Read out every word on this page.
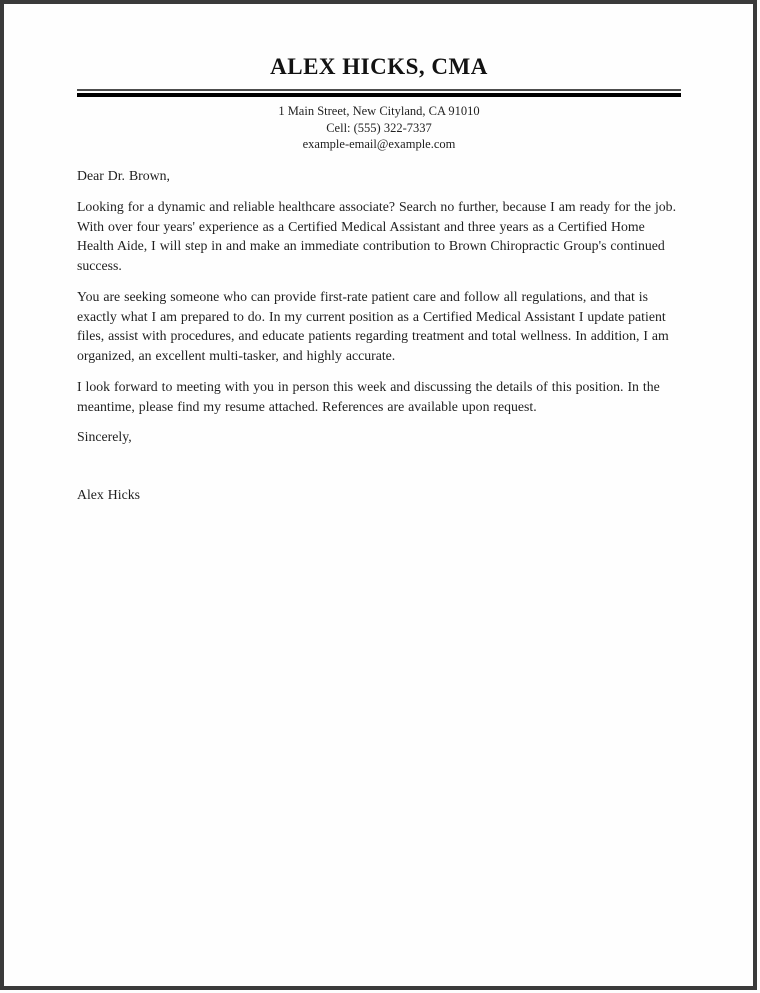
ALEX HICKS, CMA
1 Main Street, New Cityland, CA 91010
Cell: (555) 322-7337
example-email@example.com
Dear Dr. Brown,
Looking for a dynamic and reliable healthcare associate? Search no further, because I am ready for the job. With over four years' experience as a Certified Medical Assistant and three years as a Certified Home Health Aide, I will step in and make an immediate contribution to Brown Chiropractic Group's continued success.
You are seeking someone who can provide first-rate patient care and follow all regulations, and that is exactly what I am prepared to do. In my current position as a Certified Medical Assistant I update patient files, assist with procedures, and educate patients regarding treatment and total wellness. In addition, I am organized, an excellent multi-tasker, and highly accurate.
I look forward to meeting with you in person this week and discussing the details of this position. In the meantime, please find my resume attached. References are available upon request.
Sincerely,
Alex Hicks
